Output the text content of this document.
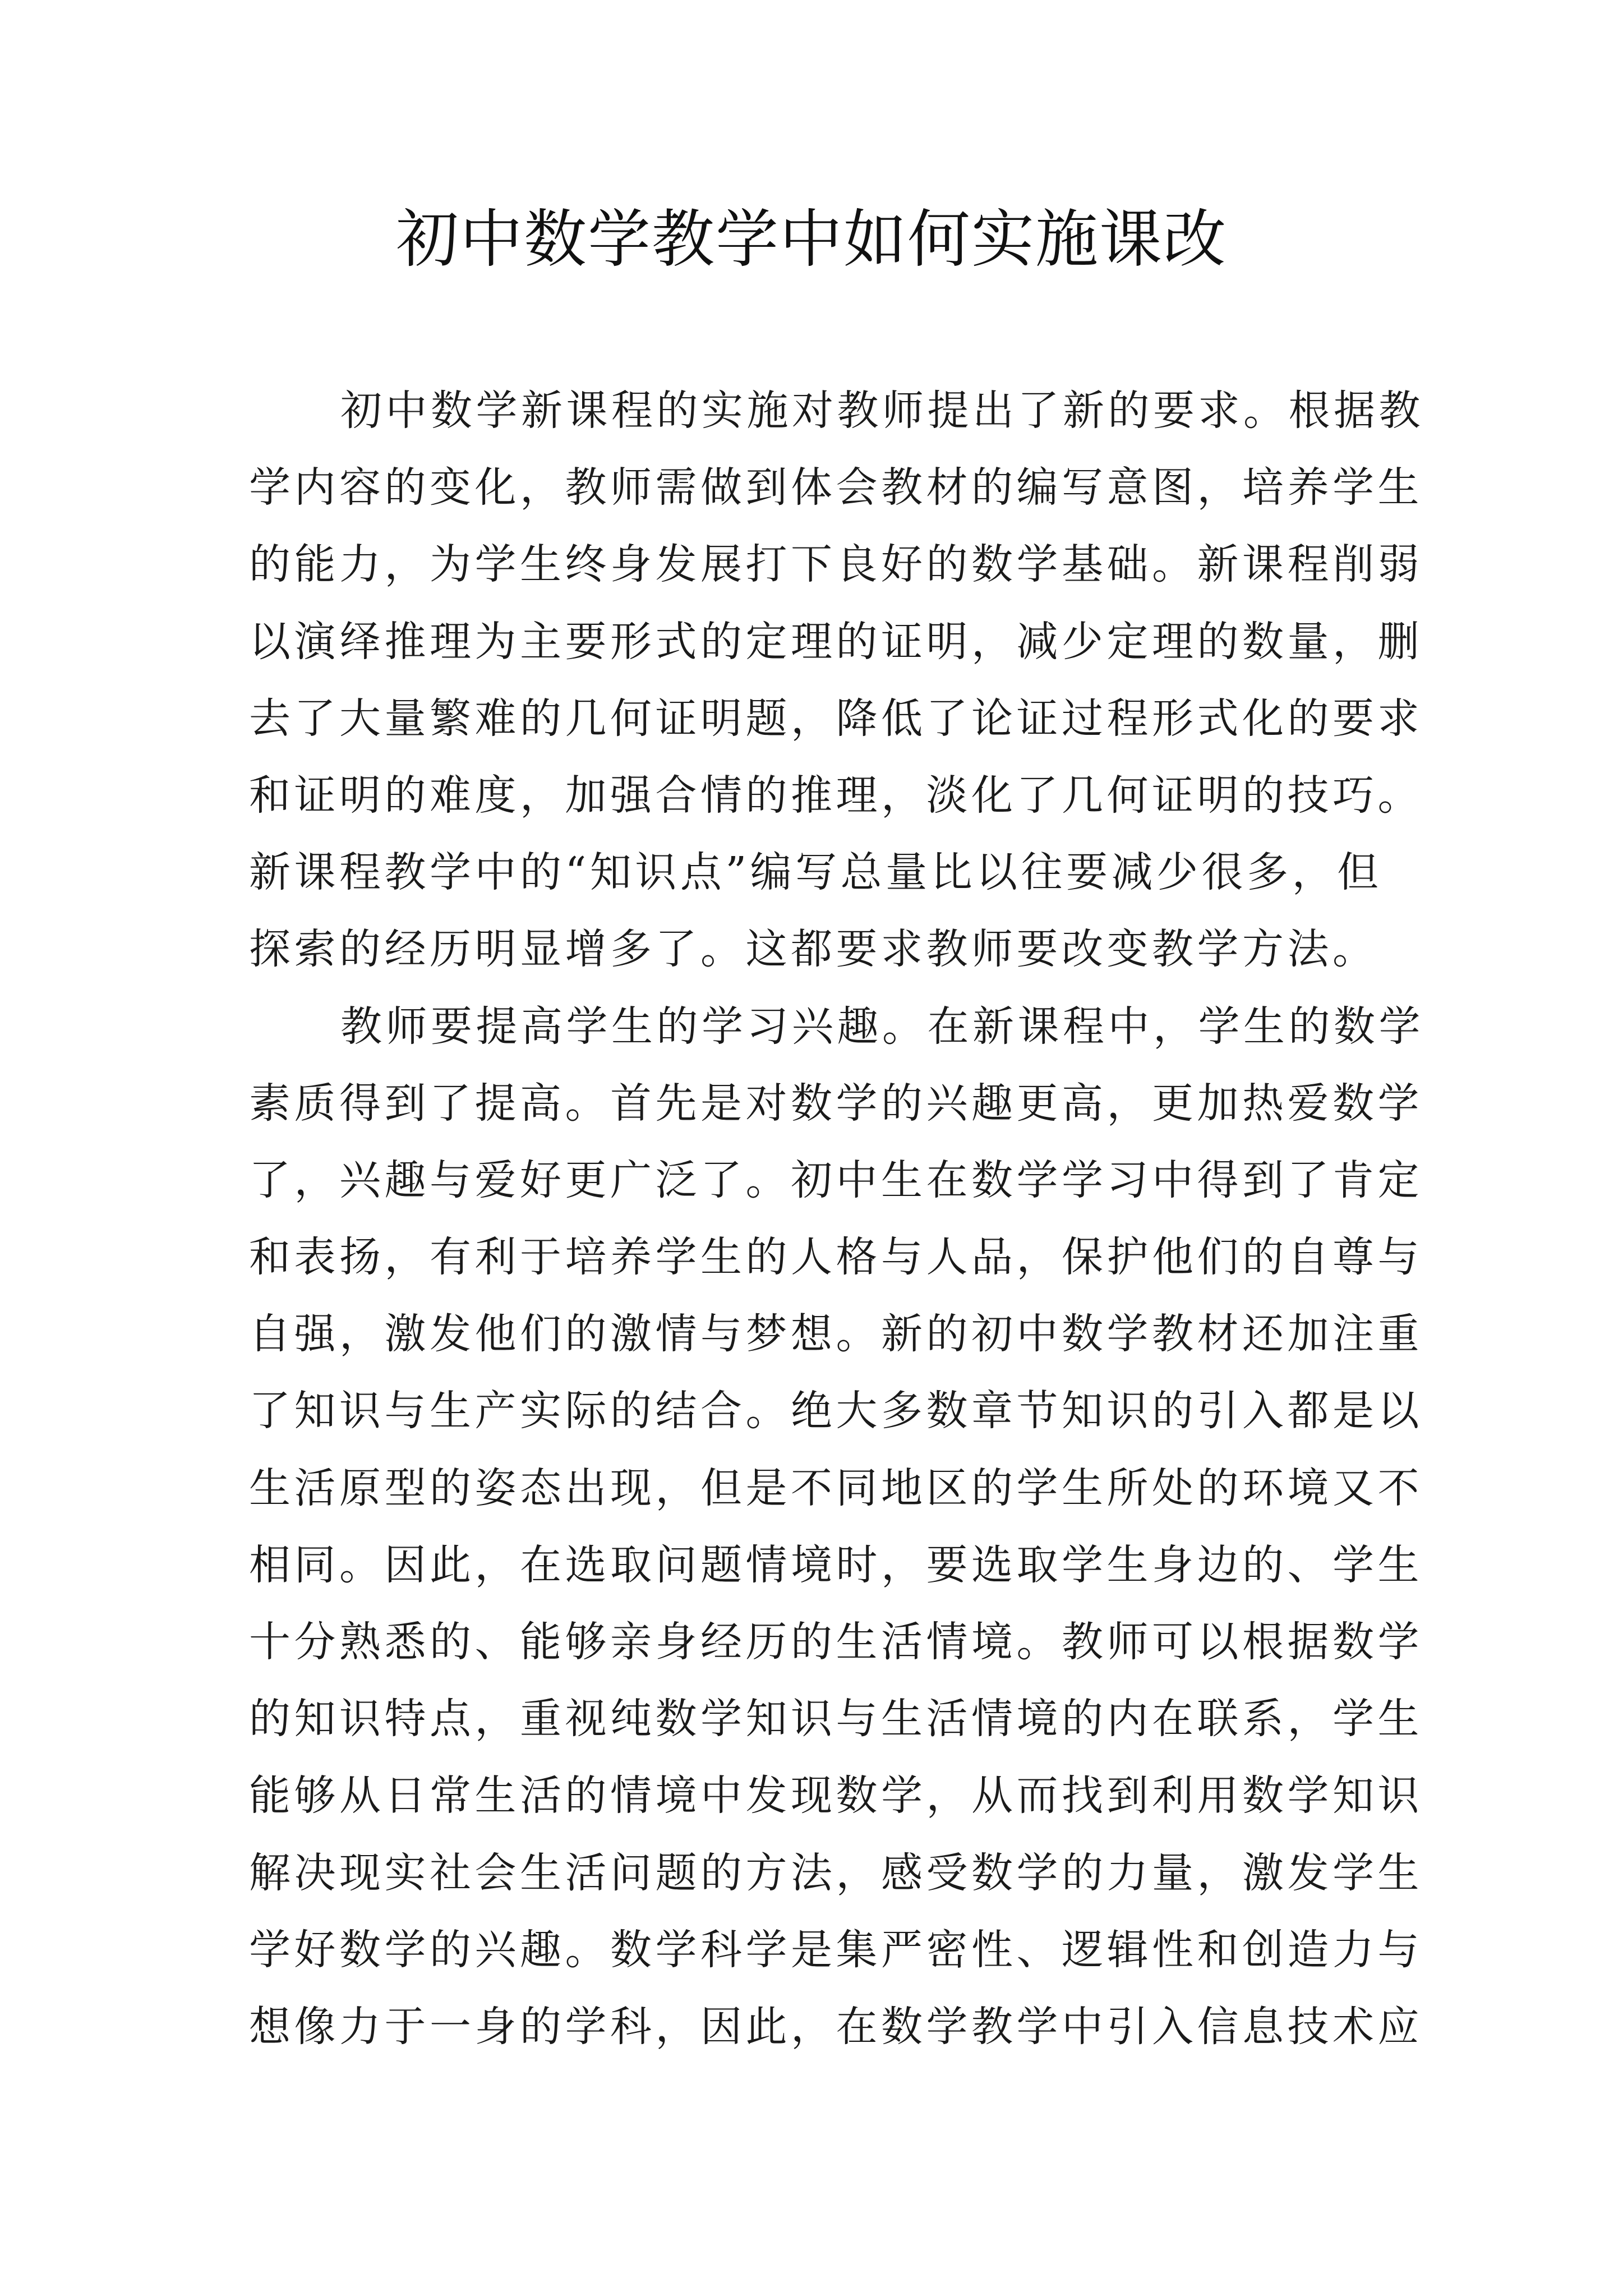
初中数学教学中如何实施课改
初中数学新课程的实施对教师提出了新的要求。根据教
学内容的变化，教师需做到体会教材的编写意图，培养学生
的能力，为学生终身发展打下良好的数学基础。新课程削弱
以演绎推理为主要形式的定理的证明，减少定理的数量，删
去了大量繁难的几何证明题，降低了论证过程形式化的要求
和证明的难度，加强合情的推理，淡化了几何证明的技巧。
新课程教学中的“知识点”编写总量比以往要减少很多，但
探索的经历明显增多了。这都要求教师要改变教学方法。
教师要提高学生的学习兴趣。在新课程中，学生的数学
素质得到了提高。首先是对数学的兴趣更高，更加热爱数学
了，兴趣与爱好更广泛了。初中生在数学学习中得到了肯定
和表扬，有利于培养学生的人格与人品，保护他们的自尊与
自强，激发他们的激情与梦想。新的初中数学教材还加注重
了知识与生产实际的结合。绝大多数章节知识的引入都是以
生活原型的姿态出现，但是不同地区的学生所处的环境又不
相同。因此，在选取问题情境时，要选取学生身边的、学生
十分熟悉的、能够亲身经历的生活情境。教师可以根据数学
的知识特点，重视纯数学知识与生活情境的内在联系，学生
能够从日常生活的情境中发现数学，从而找到利用数学知识
解决现实社会生活问题的方法，感受数学的力量，激发学生
学好数学的兴趣。数学科学是集严密性、逻辑性和创造力与
想像力于一身的学科，因此，在数学教学中引入信息技术应
